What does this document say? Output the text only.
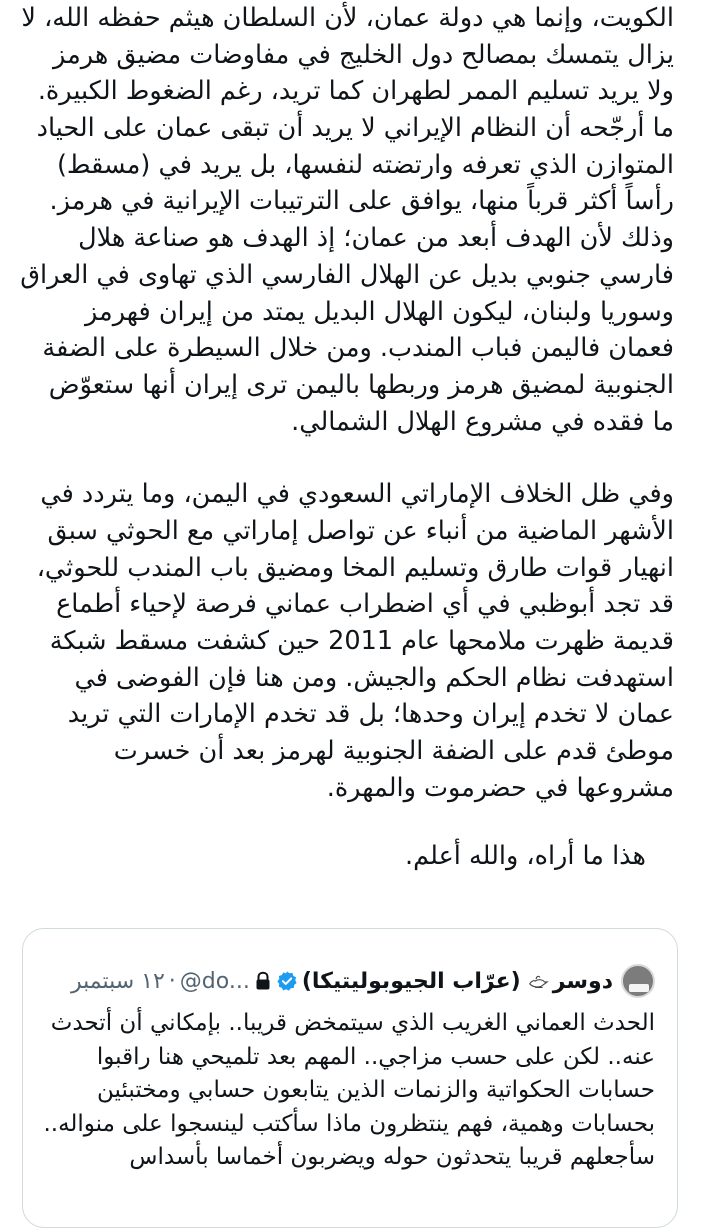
الكويت، وإنما هي دولة عمان، لأن السلطان هيثم حفظه الله، لا
يزال يتمسك بمصالح دول الخليج في مفاوضات مضيق هرمز
ولا يريد تسليم الممر لطهران كما تريد، رغم الضغوط الكبيرة.
ما أرجّحه أن النظام الإيراني لا يريد أن تبقى عمان على الحياد
المتوازن الذي تعرفه وارتضته لنفسها، بل يريد في (مسقط)
رأساً أكثر قرباً منها، يوافق على الترتيبات الإيرانية في هرمز.
وذلك لأن الهدف أبعد من عمان؛ إذ الهدف هو صناعة هلال
فارسي جنوبي بديل عن الهلال الفارسي الذي تهاوى في العراق
وسوريا ولبنان، ليكون الهلال البديل يمتد من إيران فهرمز
فعمان فاليمن فباب المندب. ومن خلال السيطرة على الضفة
الجنوبية لمضيق هرمز وربطها باليمن ترى إيران أنها ستعوّض
ما فقده في مشروع الهلال الشمالي.

وفي ظل الخلاف الإماراتي السعودي في اليمن، وما يتردد في
الأشهر الماضية من أنباء عن تواصل إماراتي مع الحوثي سبق
انهيار قوات طارق وتسليم المخا ومضيق باب المندب للحوثي،
قد تجد أبوظبي في أي اضطراب عماني فرصة لإحياء أطماع
قديمة ظهرت ملامحها عام 2011 حين كشفت مسقط شبكة
استهدفت نظام الحكم والجيش. ومن هنا فإن الفوضى في
عمان لا تخدم إيران وحدها؛ بل قد تخدم الإمارات التي تريد
موطئ قدم على الضفة الجنوبية لهرمز بعد أن خسرت
مشروعها في حضرموت والمهرة.

هذا ما أراه، والله أعلم.

دوسر
(عرّاب الجيوبوليتيكا)
@do...
·
١٢ سبتمبر
الحدث العماني الغريب الذي سيتمخض قريبا.. بإمكاني أن أتحدث
عنه.. لكن على حسب مزاجي.. المهم بعد تلميحي هنا راقبوا
حسابات الحكواتية والزنمات الذين يتابعون حسابي ومختبئين
بحسابات وهمية، فهم ينتظرون ماذا سأكتب لينسجوا على منواله..
سأجعلهم قريبا يتحدثون حوله ويضربون أخماسا بأسداس
